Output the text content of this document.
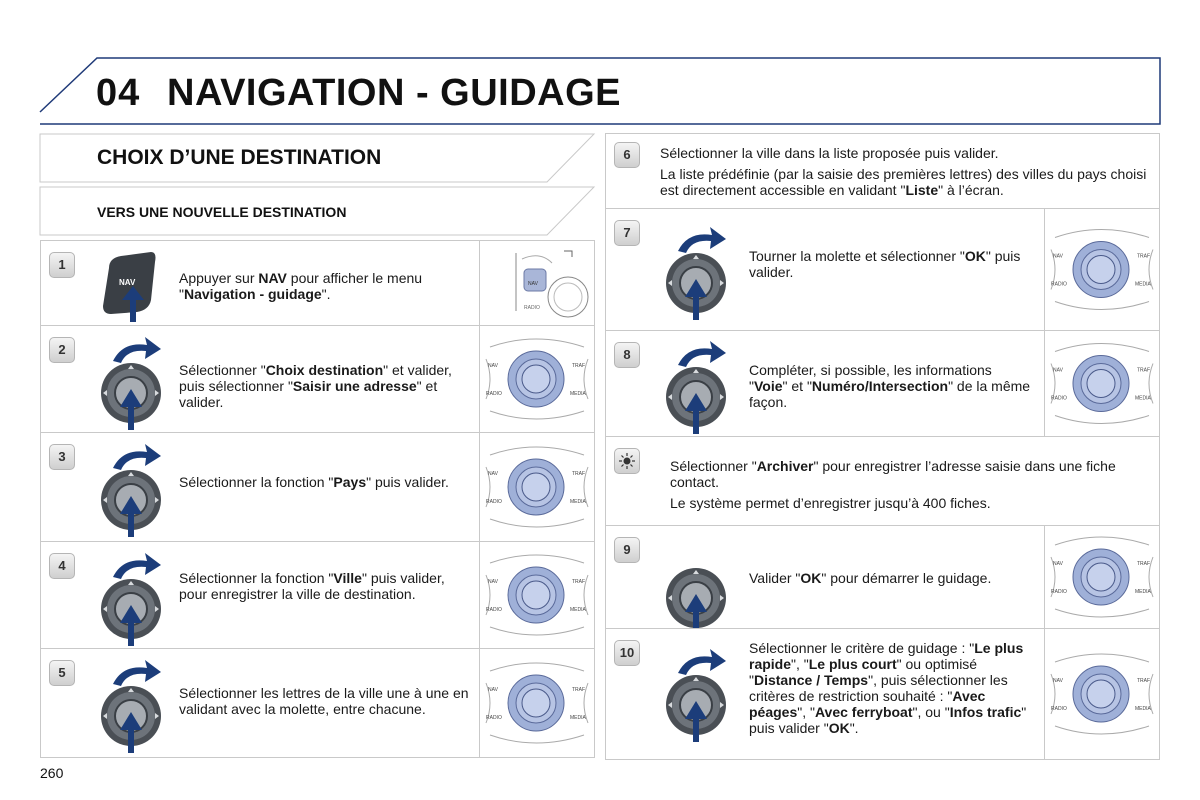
04 NAVIGATION - GUIDAGE
CHOIX D’UNE DESTINATION
VERS UNE NOUVELLE DESTINATION
1
NAV	Appuyer sur NAV pour afficher le menu "Navigation - guidage".
NAV
RADIO
2
Sélectionner "Choix destination" et valider, puis sélectionner "Saisir une adresse" et valider.
NAV	TRAF
RADIO	MEDIA
3
Sélectionner la fonction "Pays" puis valider.	NAV	TRAF
RADIO	MEDIA
4
Sélectionner la fonction "Ville" puis valider, pour enregistrer la ville de destination.
NAV	TRAF
RADIO	MEDIA
5
Sélectionner les lettres de la ville une à une en validant avec la molette, entre chacune.
NAV	TRAF
RADIO	MEDIA
6	Sélectionner la ville dans la liste proposée puis valider.
La liste prédéfinie (par la saisie des premières lettres) des villes du pays choisi est directement accessible en validant "Liste" à l’écran.
7
Tourner la molette et sélectionner "OK" puis valider.
NAV	TRAF
RADIO	MEDIA
8
Compléter, si possible, les informations "Voie" et "Numéro/Intersection" de la même façon.
NAV	TRAF
RADIO	MEDIA
Sélectionner "Archiver" pour enregistrer l’adresse saisie dans une fiche contact.
Le système permet d’enregistrer jusqu’à 400 fiches.
9
Valider "OK" pour démarrer le guidage.
NAV	TRAF
RADIO	MEDIA
10	Sélectionner le critère de guidage : "Le plus rapide", "Le plus court" ou optimisé "Distance / Temps", puis sélectionner les critères de restriction souhaité : "Avec péages", "Avec ferryboat", ou "Infos trafic" puis valider "OK".
NAV	TRAF
RADIO	MEDIA
260
